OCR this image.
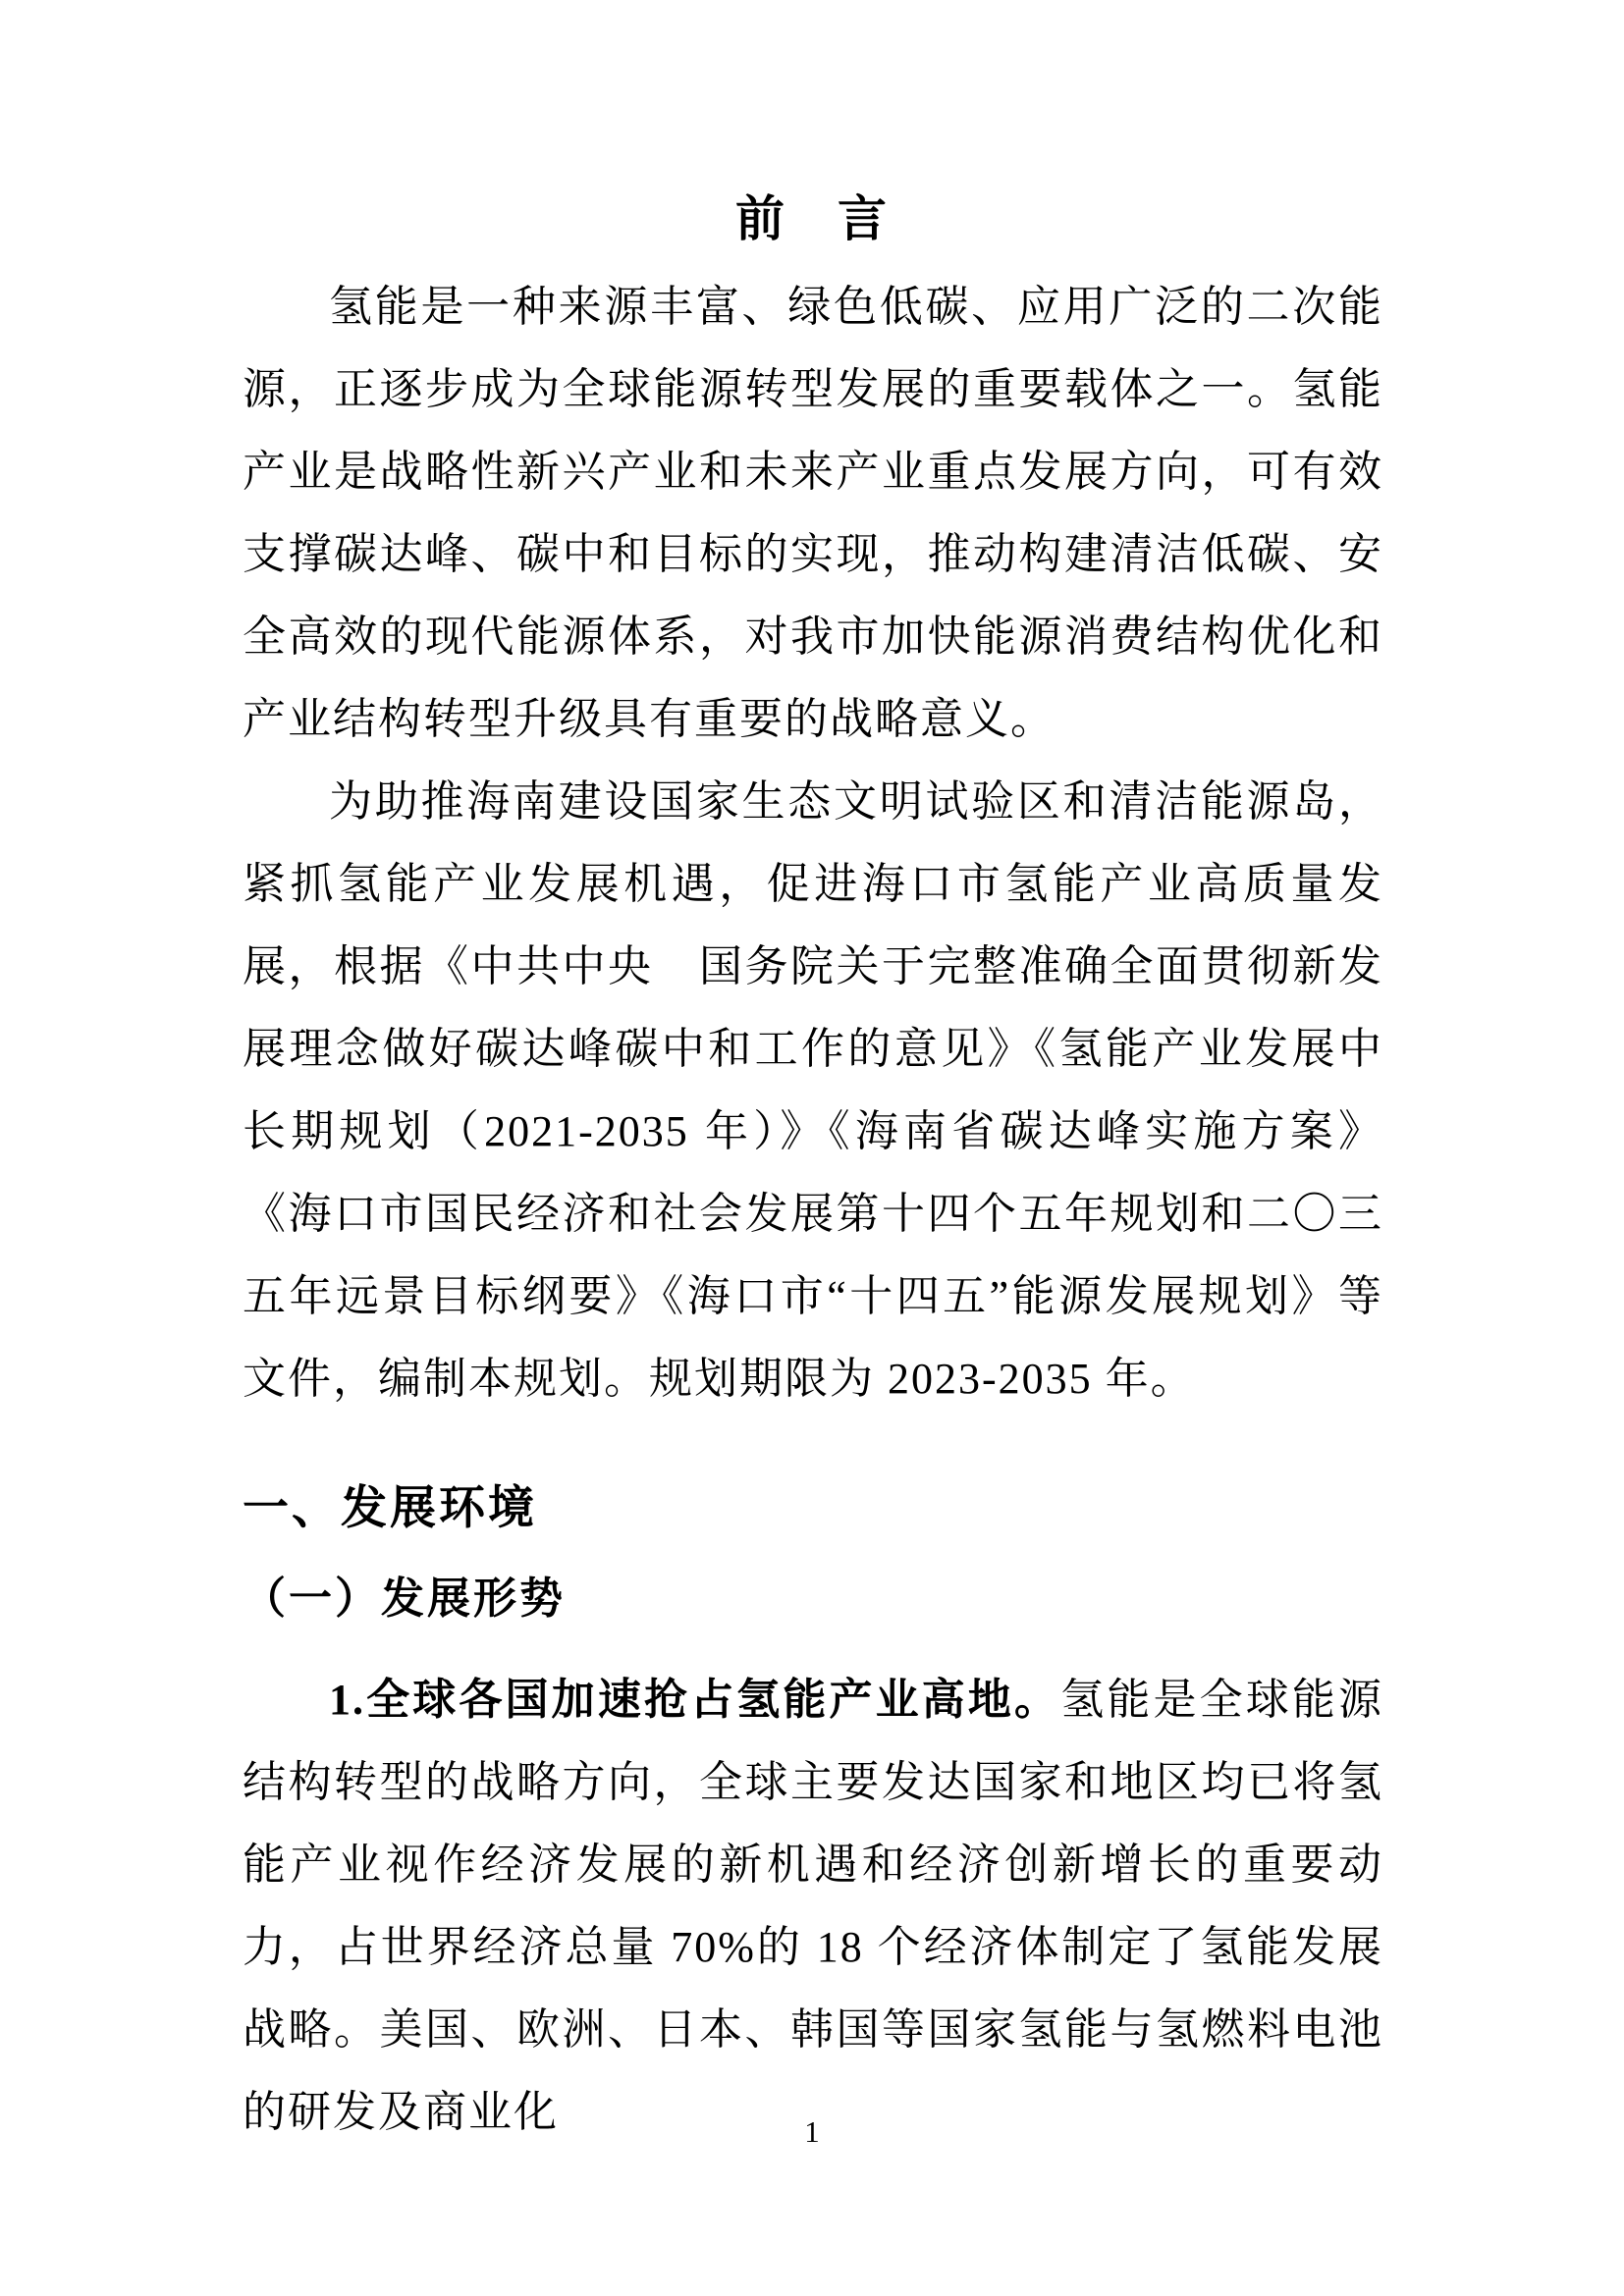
前　言

氢能是一种来源丰富、绿色低碳、应用广泛的二次能源，正逐步成为全球能源转型发展的重要载体之一。氢能产业是战略性新兴产业和未来产业重点发展方向，可有效支撑碳达峰、碳中和目标的实现，推动构建清洁低碳、安全高效的现代能源体系，对我市加快能源消费结构优化和产业结构转型升级具有重要的战略意义。

为助推海南建设国家生态文明试验区和清洁能源岛，紧抓氢能产业发展机遇，促进海口市氢能产业高质量发展，根据《中共中央　国务院关于完整准确全面贯彻新发展理念做好碳达峰碳中和工作的意见》《氢能产业发展中长期规划（2021-2035 年）》《海南省碳达峰实施方案》《海口市国民经济和社会发展第十四个五年规划和二〇三五年远景目标纲要》《海口市“十四五”能源发展规划》等文件，编制本规划。规划期限为 2023-2035 年。

一、发展环境
（一）发展形势

1.全球各国加速抢占氢能产业高地。氢能是全球能源结构转型的战略方向，全球主要发达国家和地区均已将氢能产业视作经济发展的新机遇和经济创新增长的重要动力，占世界经济总量 70%的 18 个经济体制定了氢能发展战略。美国、欧洲、日本、韩国等国家氢能与氢燃料电池的研发及商业化	1
